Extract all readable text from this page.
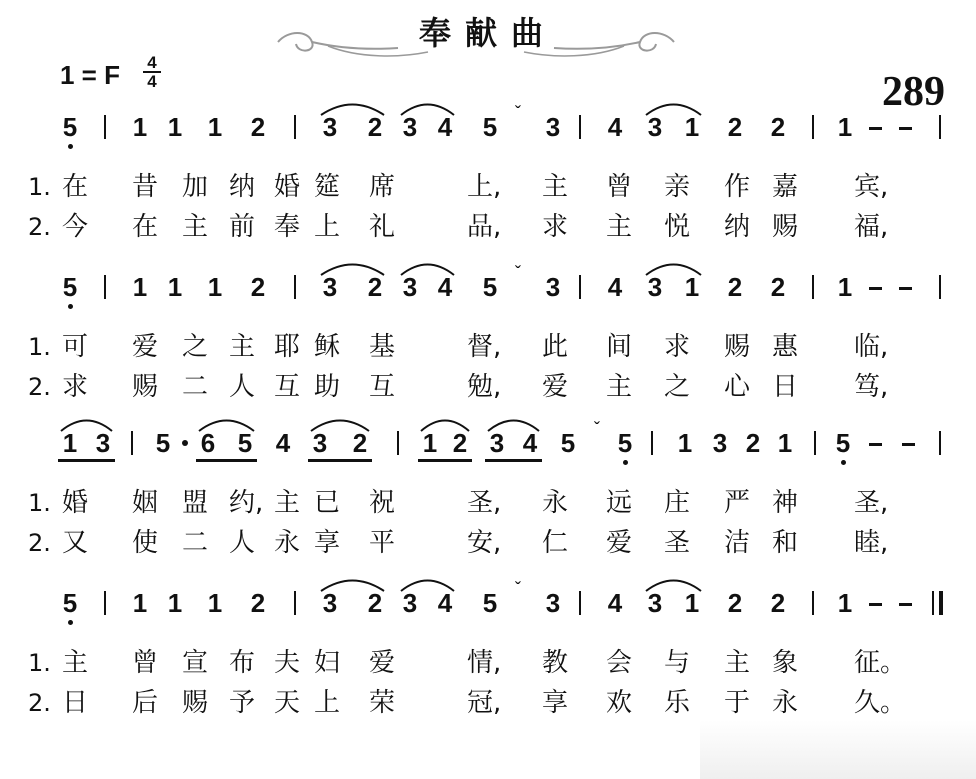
奉献曲
1 = F 4
4	289
5 1 1 1 2 3 2 3 4 5 ˇ 3 4 3 1 2 2 1
1. 在 昔 加 纳 婚 筵 席	上, 主 曾 亲 作 嘉 宾,
2. 今 在 主 前 奉 上 礼	品, 求 主 悦 纳 赐 福,
5 1 1 1 2 3 2 3 4 5 ˇ 3 4 3 1 2 2 1
1. 可 爱 之 主 耶 稣 基	督, 此 间 求 赐 惠 临,
2. 求 赐 二 人 互 助 互	勉, 爱 主 之 心 日 笃,
1 3 5 6 5 4 3 2 1 2 3 4 5	ˇ 5 1 3 2 1 5
1. 婚 姻 盟 约, 主 已 祝	圣, 永 远 庄 严 神 圣,
2. 又 使 二 人 永 享 平	安, 仁 爱 圣 洁 和 睦,
5 1 1 1 2 3 2 3 4 5 ˇ 3 4 3 1 2 2 1
1. 主 曾 宣 布 夫 妇 爱	情, 教 会 与 主 象 征。
2. 日 后 赐 予 天 上 荣	冠, 享 欢 乐 于 永 久。
